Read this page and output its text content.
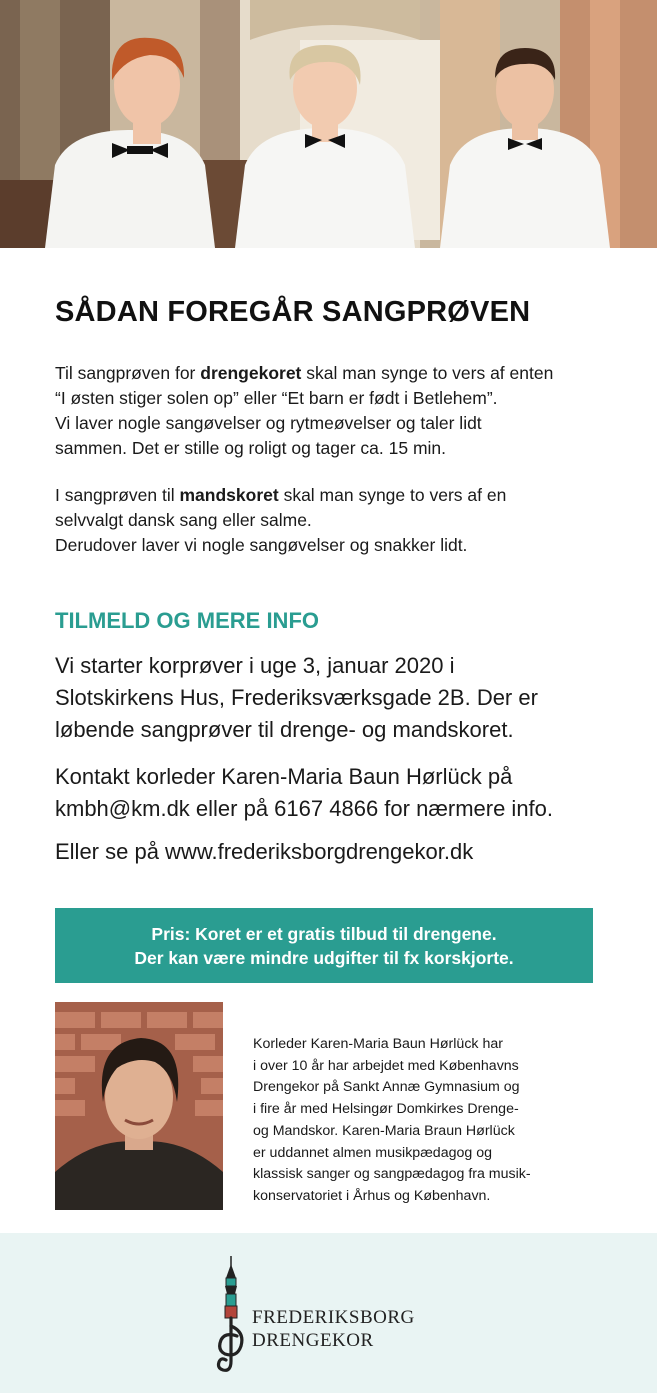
SÅDAN FOREGÅR SANGPRØVEN

Til sangprøven for drengekoret skal man synge to vers af enten

“I østen stiger solen op” eller “Et barn er født i Betlehem”.

Vi laver nogle sangøvelser og rytmeøvelser og taler lidt

sammen. Det er stille og roligt og tager ca. 15 min.

I sangprøven til mandskoret skal man synge to vers af en

selvvalgt dansk sang eller salme.

Derudover laver vi nogle sangøvelser og snakker lidt.

TILMELD OG MERE INFO
Vi starter korprøver i uge 3, januar 2020 i
Slotskirkens Hus, Frederiksværksgade 2B. Der er
løbende sangprøver til drenge- og mandskoret.
Kontakt korleder Karen-Maria Baun Hørlück på
kmbh@km.dk eller på 6167 4866 for nærmere info.
Eller se på www.frederiksborgdrengekor.dk
Pris: Koret er et gratis tilbud til drengene.
Der kan være mindre udgifter til fx korskjorte.
Korleder Karen-Maria Baun Hørlück har
i over 10 år har arbejdet med Københavns
Drengekor på Sankt Annæ Gymnasium og
i fire år med Helsingør Domkirkes Drenge-
og Mandskor. Karen-Maria Braun Hørlück
er uddannet almen musikpædagog og
klassisk sanger og sangpædagog fra musik-
konservatoriet i Århus og København.
FREDERIKSBORG
DRENGEKOR
